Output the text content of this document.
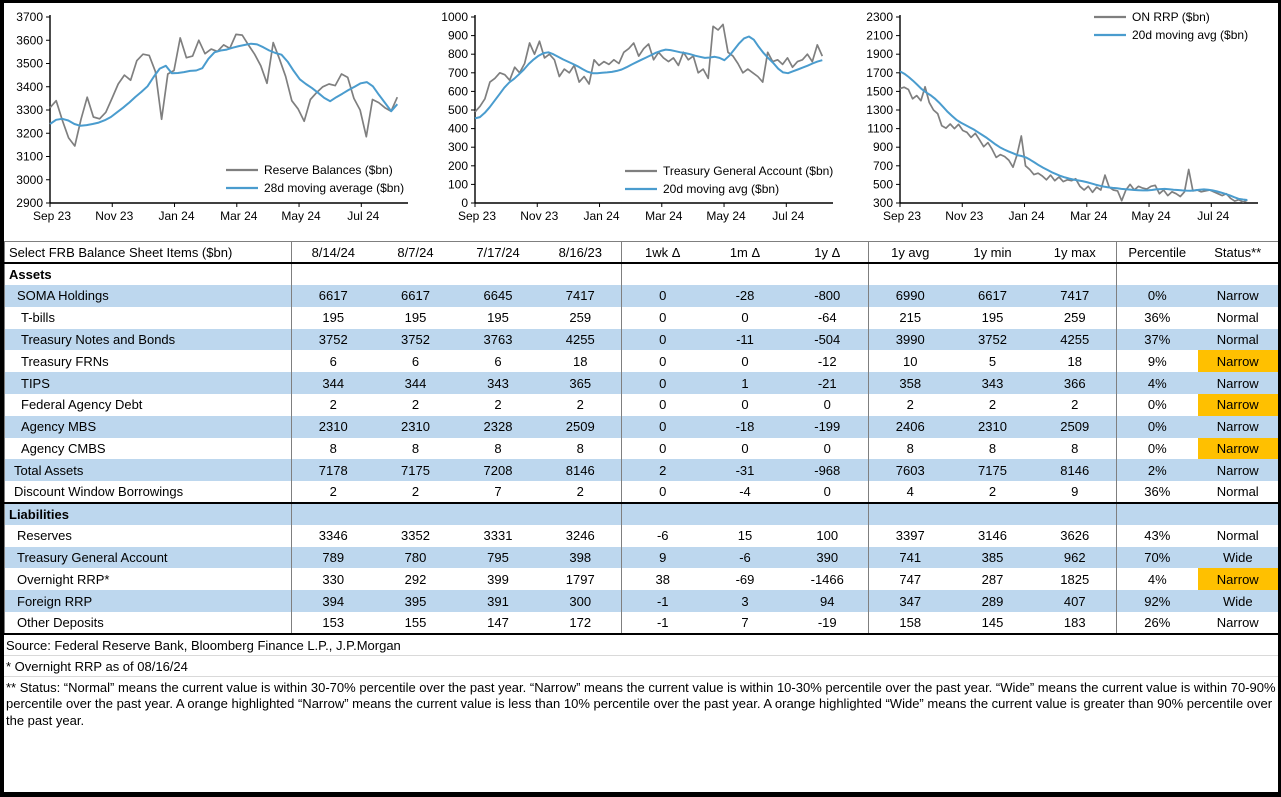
2900
3000
3100
3200
3300
3400
3500
3600
3700
Sep 23 Nov 23 Jan 24 Mar 24 May 24 Jul 24
Reserve Balances ($bn)
28d moving average ($bn)
0
100
200
300
400
500
600
700
800
900
1000
Sep 23 Nov 23 Jan 24 Mar 24 May 24 Jul 24
Treasury General Account ($bn)
20d moving avg ($bn)
300
500
700
900
1100
1300
1500
1700
1900
2100
2300
Sep 23 Nov 23 Jan 24 Mar 24 May 24 Jul 24
ON RRP ($bn)
20d moving avg ($bn)
Select FRB Balance Sheet Items ($bn)	8/14/24	8/7/24	7/17/24	8/16/23	1wk Δ	1m Δ	1y Δ	1y avg	1y min	1y max	Percentile	Status**
Assets												
SOMA Holdings	6617	6617	6645	7417	0	-28	-800	6990	6617	7417	0%	Narrow
T-bills	195	195	195	259	0	0	-64	215	195	259	36%	Normal
Treasury Notes and Bonds	3752	3752	3763	4255	0	-11	-504	3990	3752	4255	37%	Normal
Treasury FRNs	6	6	6	18	0	0	-12	10	5	18	9%	Narrow
TIPS	344	344	343	365	0	1	-21	358	343	366	4%	Narrow
Federal Agency Debt	2	2	2	2	0	0	0	2	2	2	0%	Narrow
Agency MBS	2310	2310	2328	2509	0	-18	-199	2406	2310	2509	0%	Narrow
Agency CMBS	8	8	8	8	0	0	0	8	8	8	0%	Narrow
Total Assets	7178	7175	7208	8146	2	-31	-968	7603	7175	8146	2%	Narrow
Discount Window Borrowings	2	2	7	2	0	-4	0	4	2	9	36%	Normal
Liabilities												
Reserves	3346	3352	3331	3246	-6	15	100	3397	3146	3626	43%	Normal
Treasury General Account	789	780	795	398	9	-6	390	741	385	962	70%	Wide
Overnight RRP*	330	292	399	1797	38	-69	-1466	747	287	1825	4%	Narrow
Foreign RRP	394	395	391	300	-1	3	94	347	289	407	92%	Wide
Other Deposits	153	155	147	172	-1	7	-19	158	145	183	26%	Narrow
Source: Federal Reserve Bank, Bloomberg Finance L.P., J.P.Morgan
* Overnight RRP as of 08/16/24
** Status: “Normal” means the current value is within 30-70% percentile over the past year. “Narrow” means the current value is within 10-30% percentile over the past year. “Wide” means the current value is within 70-90% percentile over the past year. A orange highlighted “Narrow” means the current value is less than 10% percentile over the past year. A orange highlighted “Wide” means the current value is greater than 90% percentile over the past year.
